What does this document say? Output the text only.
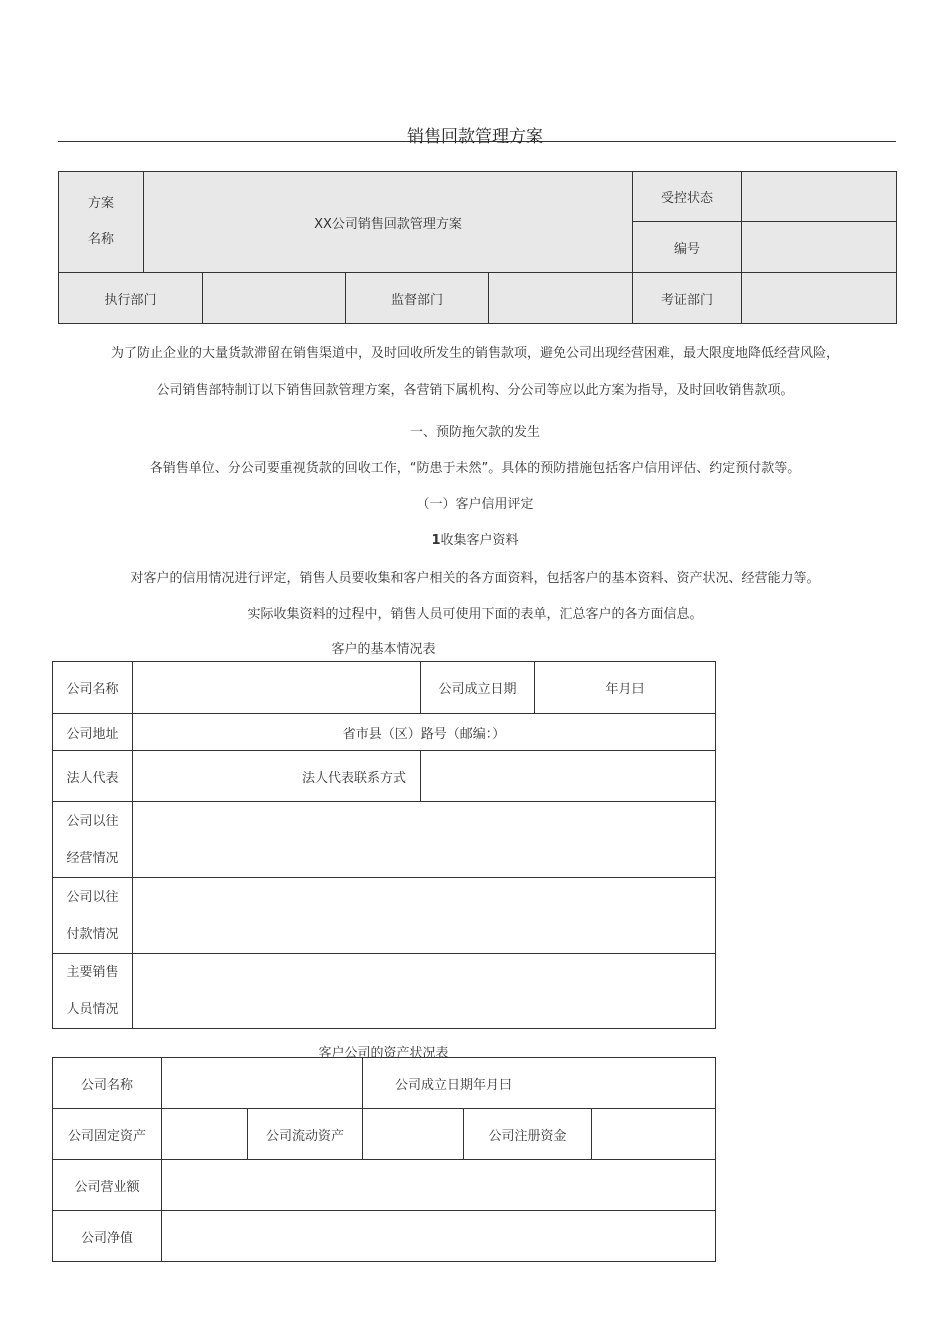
销售回款管理方案
方案
名称	XX公司销售回款管理方案				受控状态	
					编号	
执行部门			监督部门		考证部门	
为了防止企业的大量货款滞留在销售渠道中，及时回收所发生的销售款项，避免公司出现经营困难，最大限度地降低经营风险，
公司销售部特制订以下销售回款管理方案，各营销下属机构、分公司等应以此方案为指导，及时回收销售款项。
一、预防拖欠款的发生
各销售单位、分公司要重视货款的回收工作，“防患于未然”。具体的预防措施包括客户信用评估、约定预付款等。
（一）客户信用评定
1收集客户资料
对客户的信用情况进行评定，销售人员要收集和客户相关的各方面资料，包括客户的基本资料、资产状况、经营能力等。
实际收集资料的过程中，销售人员可使用下面的表单，汇总客户的各方面信息。
客户的基本情况表
公司名称		公司成立日期	年月曰
公司地址	省市县（区）路号（邮编：）		
法人代表	法人代表联系方式		

公司以往
经营情况			

公司以往
付款情况			

主要销售
人员情况			

客户公司的资产状况表
公司名称			公司成立日期年月曰		
公司固定资产		公司流动资产		公司注册资金	
公司营业额					
公司净值					
